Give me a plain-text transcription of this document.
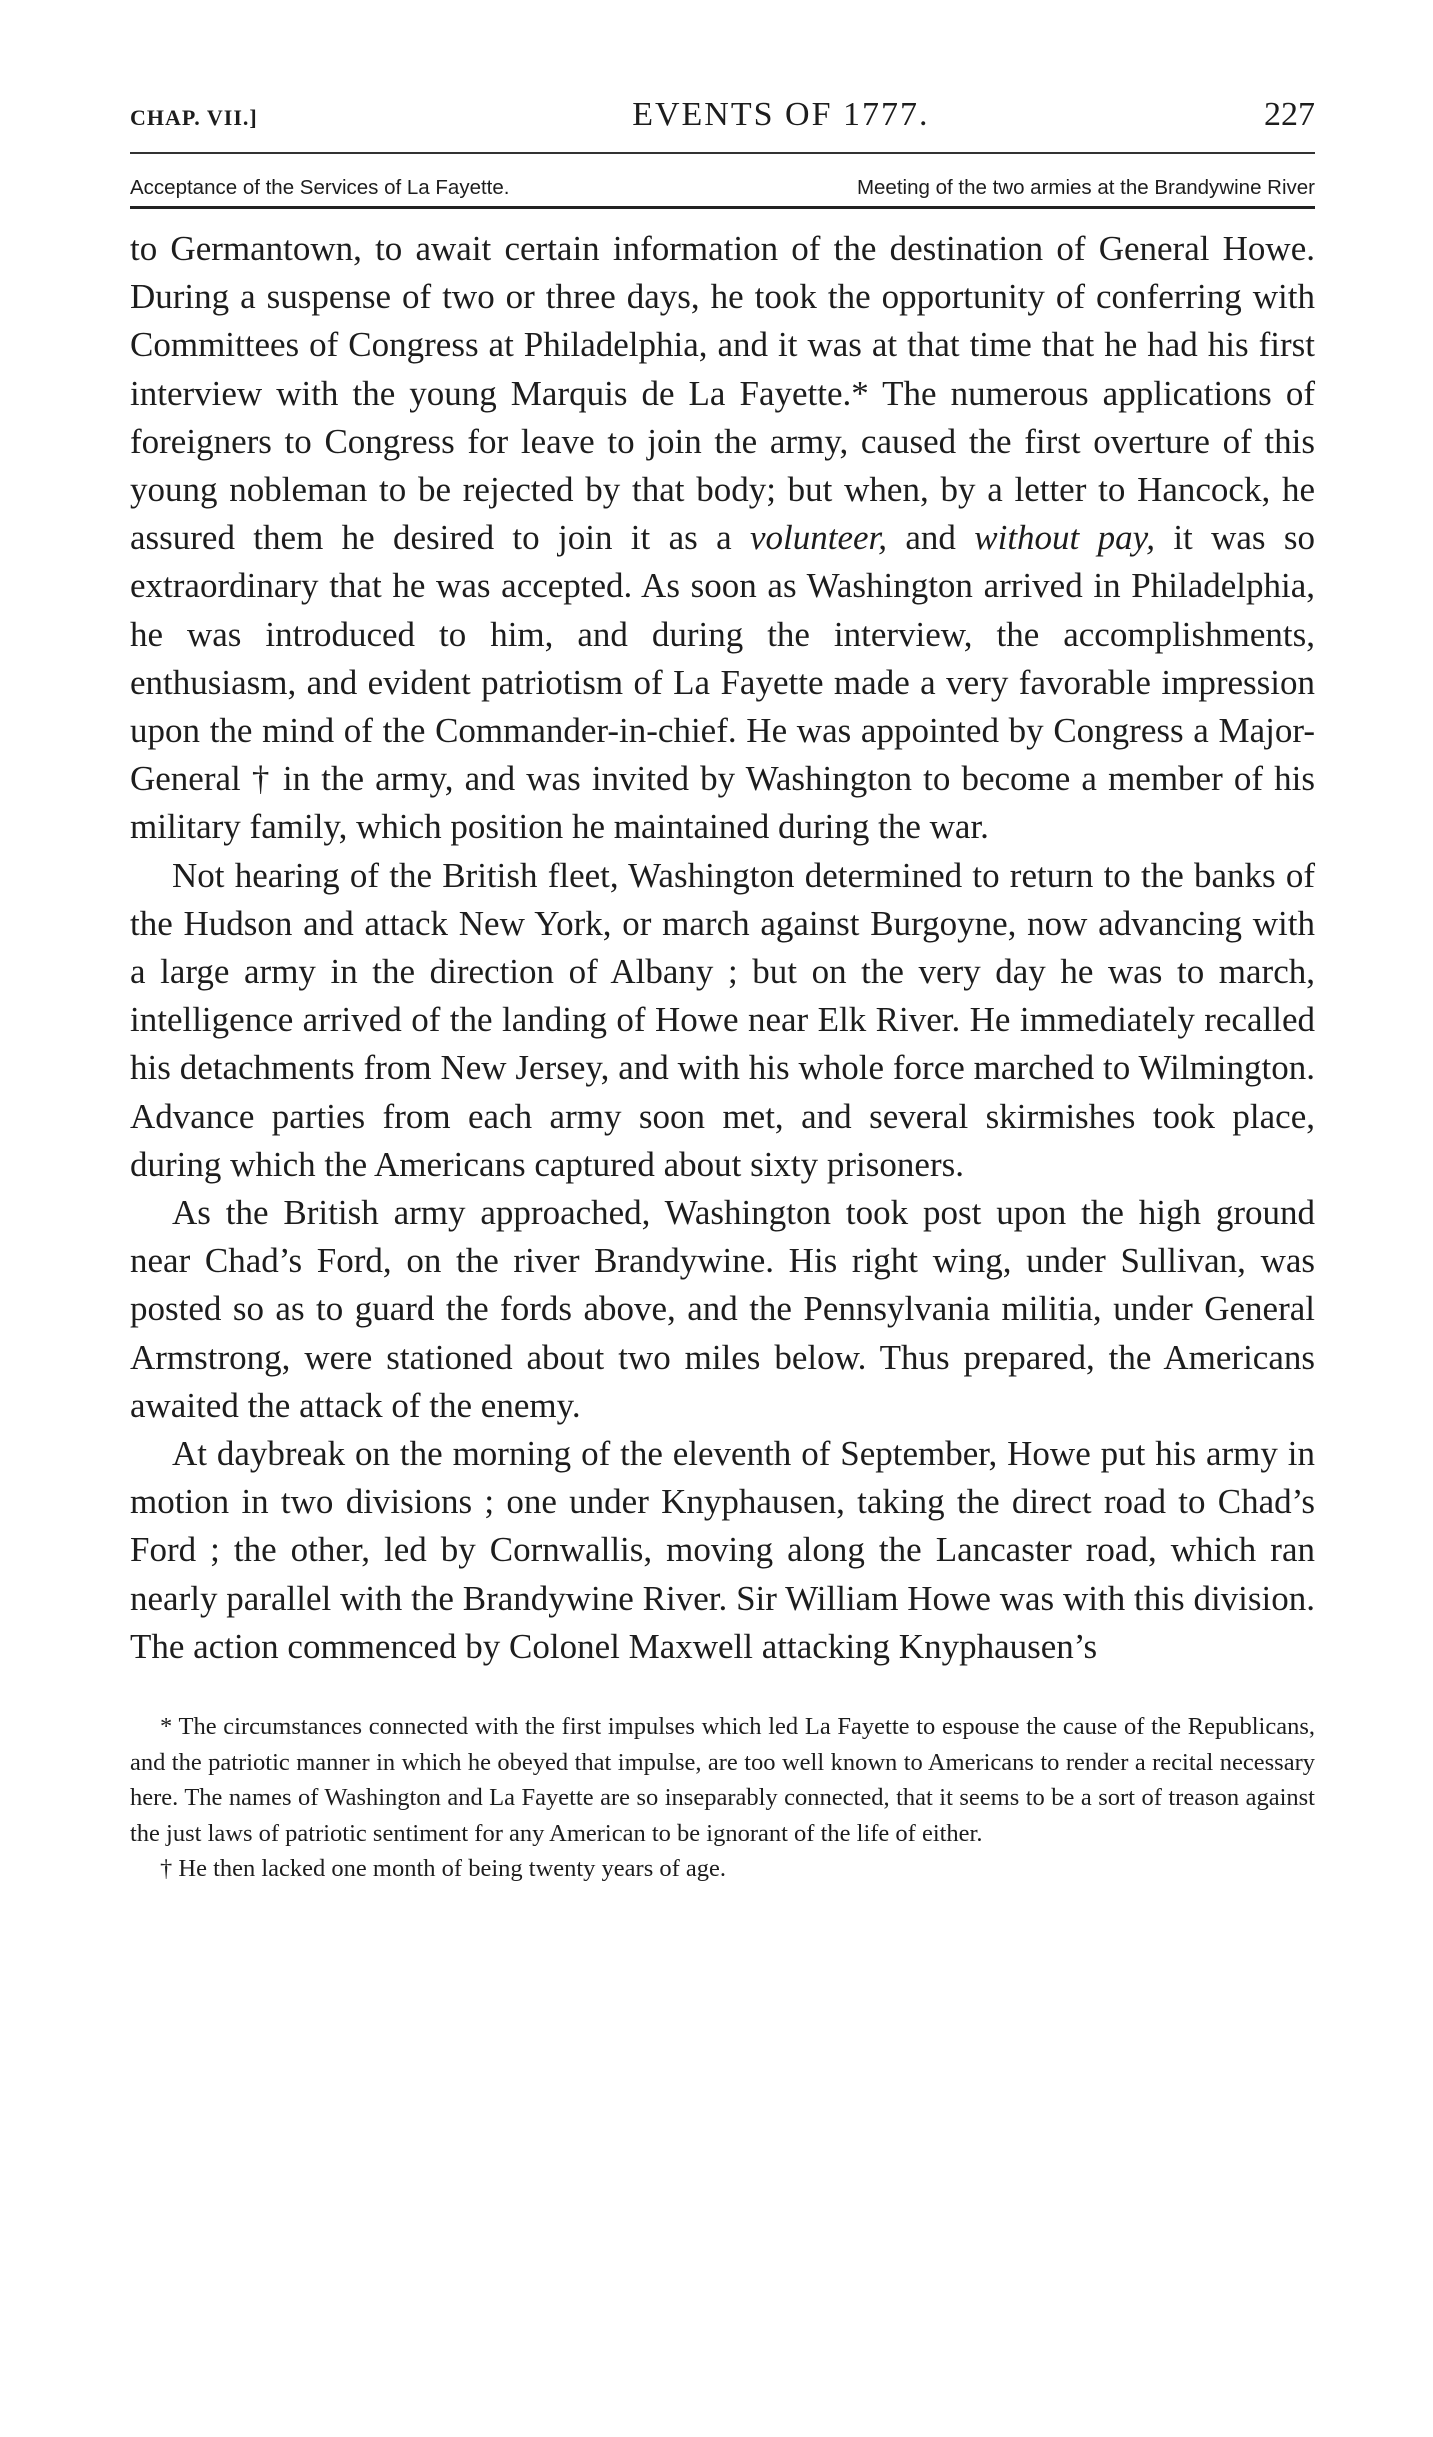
CHAP. VII.]	EVENTS OF 1777.	227
Acceptance of the Services of La Fayette.	Meeting of the two armies at the Brandywine River

to Germantown, to await certain information of the destination of General Howe. During a suspense of two or three days, he took the opportunity of conferring with Committees of Congress at Philadelphia, and it was at that time that he had his first interview with the young Marquis de La Fayette.* The numerous applications of foreigners to Congress for leave to join the army, caused the first overture of this young nobleman to be rejected by that body; but when, by a letter to Hancock, he assured them he desired to join it as a volunteer, and without pay, it was so extraordinary that he was accepted. As soon as Washington arrived in Philadelphia, he was introduced to him, and during the interview, the accomplishments, enthusiasm, and evident patriotism of La Fayette made a very favorable impression upon the mind of the Commander-in-chief. He was appointed by Congress a Major-General † in the army, and was invited by Washington to become a member of his military family, which position he maintained during the war.

Not hearing of the British fleet, Washington determined to return to the banks of the Hudson and attack New York, or march against Burgoyne, now advancing with a large army in the direction of Albany ; but on the very day he was to march, intelligence arrived of the landing of Howe near Elk River. He immediately recalled his detachments from New Jersey, and with his whole force marched to Wilmington. Advance parties from each army soon met, and several skirmishes took place, during which the Americans captured about sixty prisoners.

As the British army approached, Washington took post upon the high ground near Chad’s Ford, on the river Brandywine. His right wing, under Sullivan, was posted so as to guard the fords above, and the Pennsylvania militia, under General Armstrong, were stationed about two miles below. Thus prepared, the Americans awaited the attack of the enemy.

At daybreak on the morning of the eleventh of September, Howe put his army in motion in two divisions ; one under Knyphausen, taking the direct road to Chad’s Ford ; the other, led by Cornwallis, moving along the Lancaster road, which ran nearly parallel with the Brandywine River. Sir William Howe was with this division. The action commenced by Colonel Maxwell attacking Knyphausen’s

* The circumstances connected with the first impulses which led La Fayette to espouse the cause of the Republicans, and the patriotic manner in which he obeyed that impulse, are too well known to Americans to render a recital necessary here. The names of Washington and La Fayette are so inseparably connected, that it seems to be a sort of treason against the just laws of patriotic sentiment for any American to be ignorant of the life of either.

† He then lacked one month of being twenty years of age.
